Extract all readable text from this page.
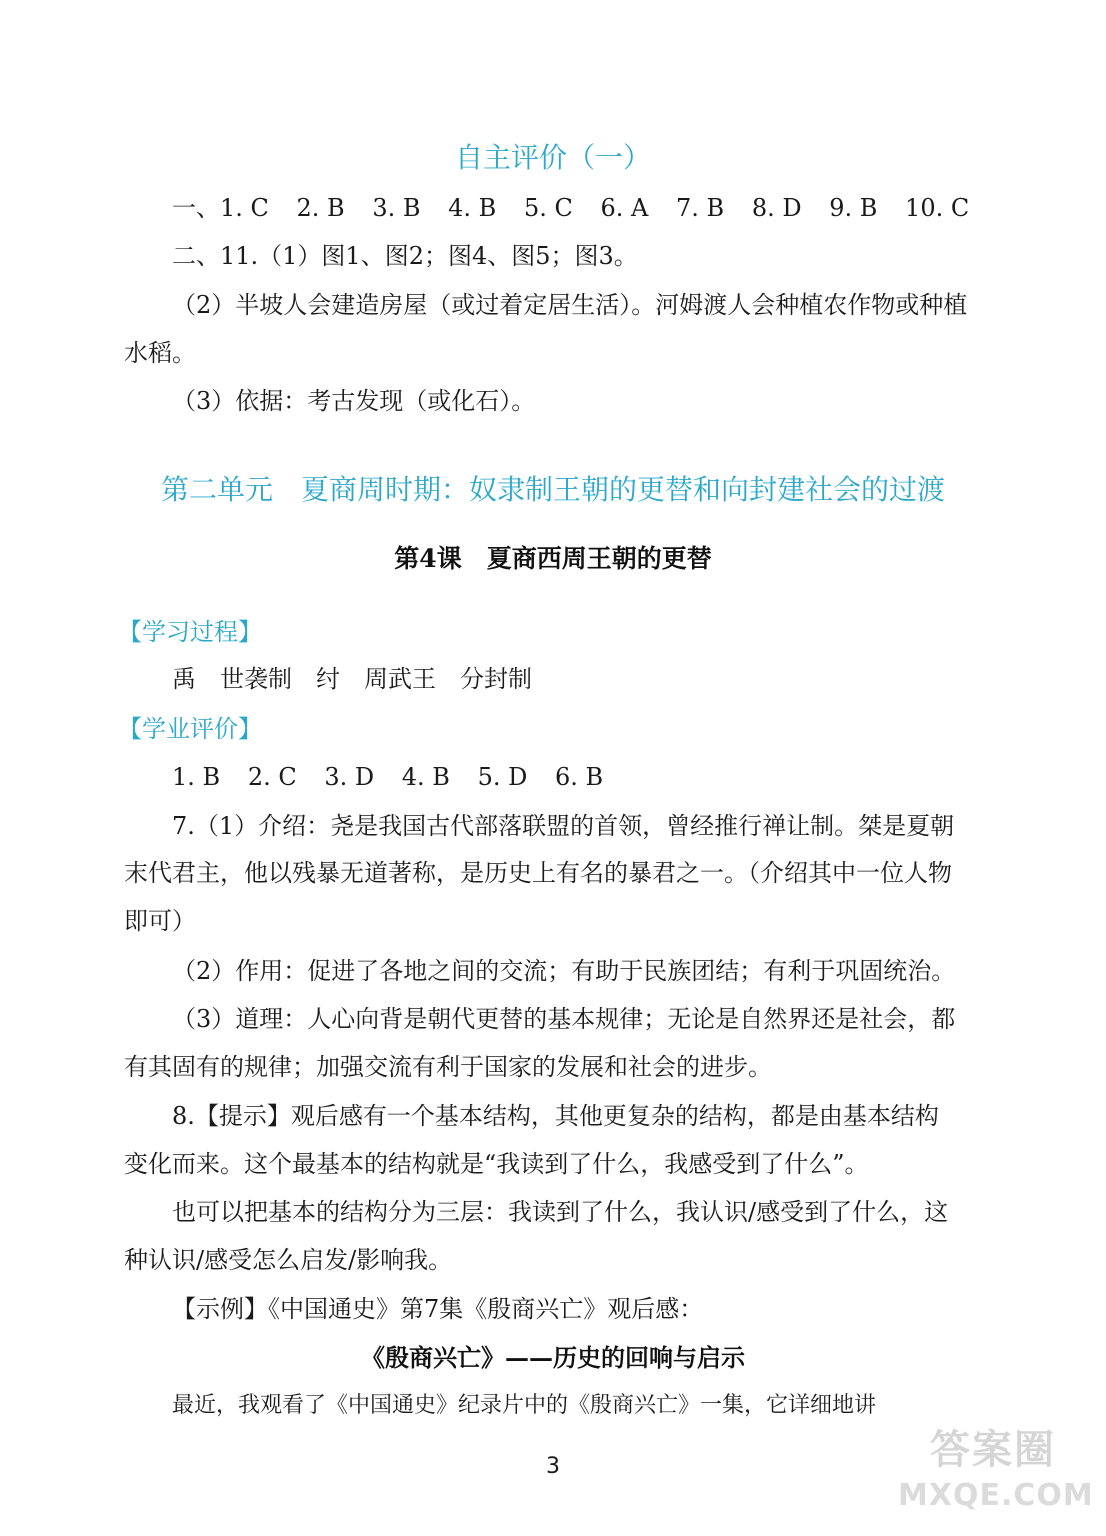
自主评价（一）
一、1. C 2. B 3. B 4. B 5. C 6. A 7. B 8. D 9. B 10. C
二、11.（1）图1、图2；图4、图5；图3。
（2）半坡人会建造房屋（或过着定居生活）。河姆渡人会种植农作物或种植
水稻。
（3）依据：考古发现（或化石）。
第二单元　夏商周时期：奴隶制王朝的更替和向封建社会的过渡
第4课　夏商西周王朝的更替
【学习过程】
禹　世袭制　纣　周武王　分封制
【学业评价】
1. B 2. C 3. D 4. B 5. D 6. B
7.（1）介绍：尧是我国古代部落联盟的首领，曾经推行禅让制。桀是夏朝
末代君主，他以残暴无道著称，是历史上有名的暴君之一。（介绍其中一位人物
即可）
（2）作用：促进了各地之间的交流；有助于民族团结；有利于巩固统治。
（3）道理：人心向背是朝代更替的基本规律；无论是自然界还是社会，都
有其固有的规律；加强交流有利于国家的发展和社会的进步。
8.【提示】观后感有一个基本结构，其他更复杂的结构，都是由基本结构
变化而来。这个最基本的结构就是“我读到了什么，我感受到了什么”。
也可以把基本的结构分为三层：我读到了什么，我认识/感受到了什么，这
种认识/感受怎么启发/影响我。
【示例】《中国通史》第7集《殷商兴亡》观后感：
《殷商兴亡》——历史的回响与启示
最近，我观看了《中国通史》纪录片中的《殷商兴亡》一集，它详细地讲
3	答案圈
MXQE.COM
